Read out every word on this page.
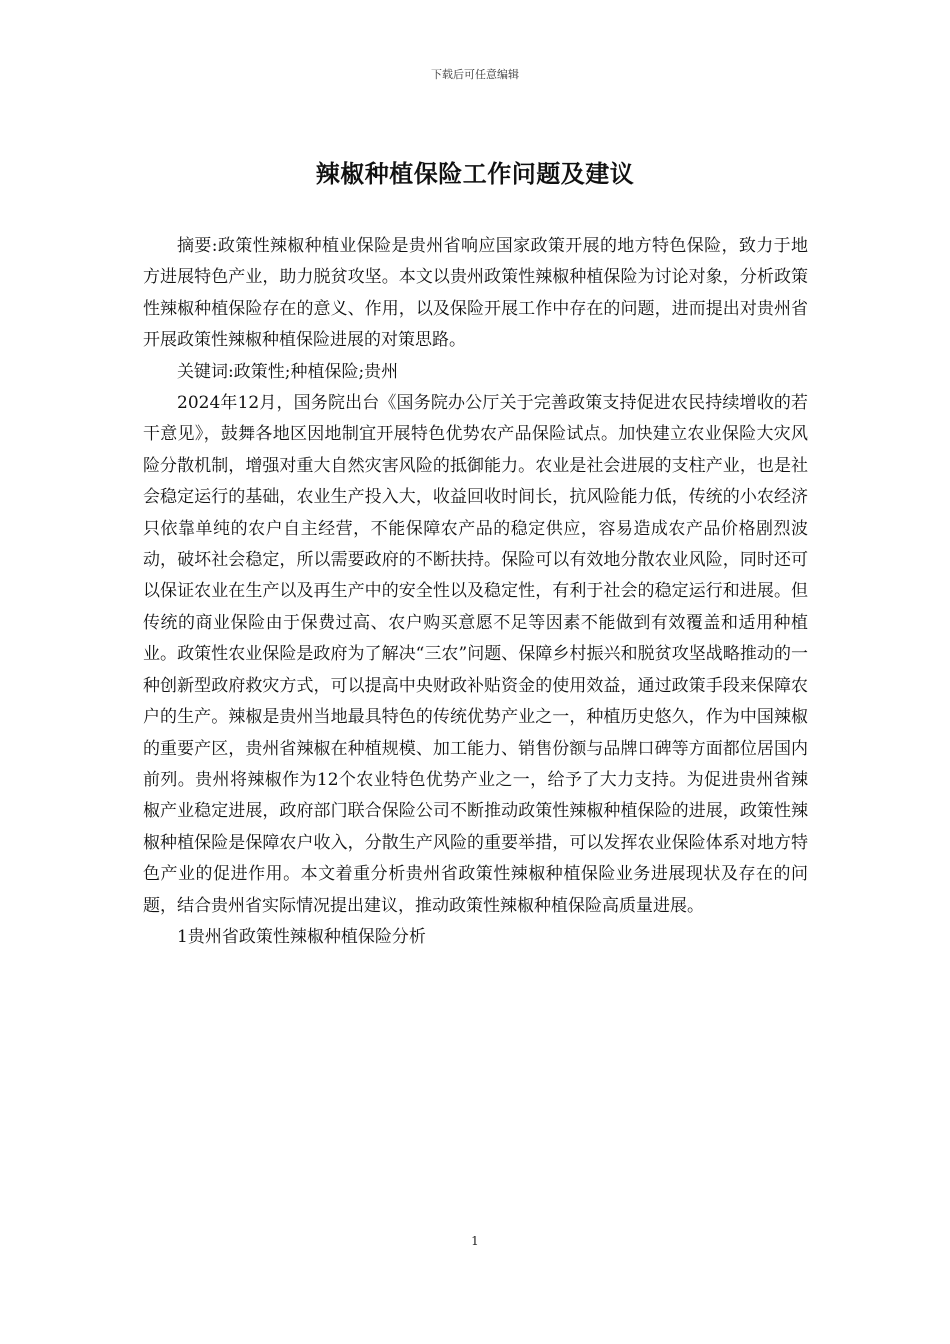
下载后可任意编辑
辣椒种植保险工作问题及建议

摘要:政策性辣椒种植业保险是贵州省响应国家政策开展的地方特色保险，致力于地方进展特色产业，助力脱贫攻坚。本文以贵州政策性辣椒种植保险为讨论对象，分析政策性辣椒种植保险存在的意义、作用，以及保险开展工作中存在的问题，进而提出对贵州省开展政策性辣椒种植保险进展的对策思路。

关键词:政策性;种植保险;贵州

2024年12月，国务院出台《国务院办公厅关于完善政策支持促进农民持续增收的若干意见》，鼓舞各地区因地制宜开展特色优势农产品保险试点。加快建立农业保险大灾风险分散机制，增强对重大自然灾害风险的抵御能力。农业是社会进展的支柱产业，也是社会稳定运行的基础，农业生产投入大，收益回收时间长，抗风险能力低，传统的小农经济只依靠单纯的农户自主经营，不能保障农产品的稳定供应，容易造成农产品价格剧烈波动，破坏社会稳定，所以需要政府的不断扶持。保险可以有效地分散农业风险，同时还可以保证农业在生产以及再生产中的安全性以及稳定性，有利于社会的稳定运行和进展。但传统的商业保险由于保费过高、农户购买意愿不足等因素不能做到有效覆盖和适用种植业。政策性农业保险是政府为了解决“三农”问题、保障乡村振兴和脱贫攻坚战略推动的一种创新型政府救灾方式，可以提高中央财政补贴资金的使用效益，通过政策手段来保障农户的生产。辣椒是贵州当地最具特色的传统优势产业之一，种植历史悠久，作为中国辣椒的重要产区，贵州省辣椒在种植规模、加工能力、销售份额与品牌口碑等方面都位居国内前列。贵州将辣椒作为12个农业特色优势产业之一，给予了大力支持。为促进贵州省辣椒产业稳定进展，政府部门联合保险公司不断推动政策性辣椒种植保险的进展，政策性辣椒种植保险是保障农户收入，分散生产风险的重要举措，可以发挥农业保险体系对地方特色产业的促进作用。本文着重分析贵州省政策性辣椒种植保险业务进展现状及存在的问题，结合贵州省实际情况提出建议，推动政策性辣椒种植保险高质量进展。

1贵州省政策性辣椒种植保险分析

1
